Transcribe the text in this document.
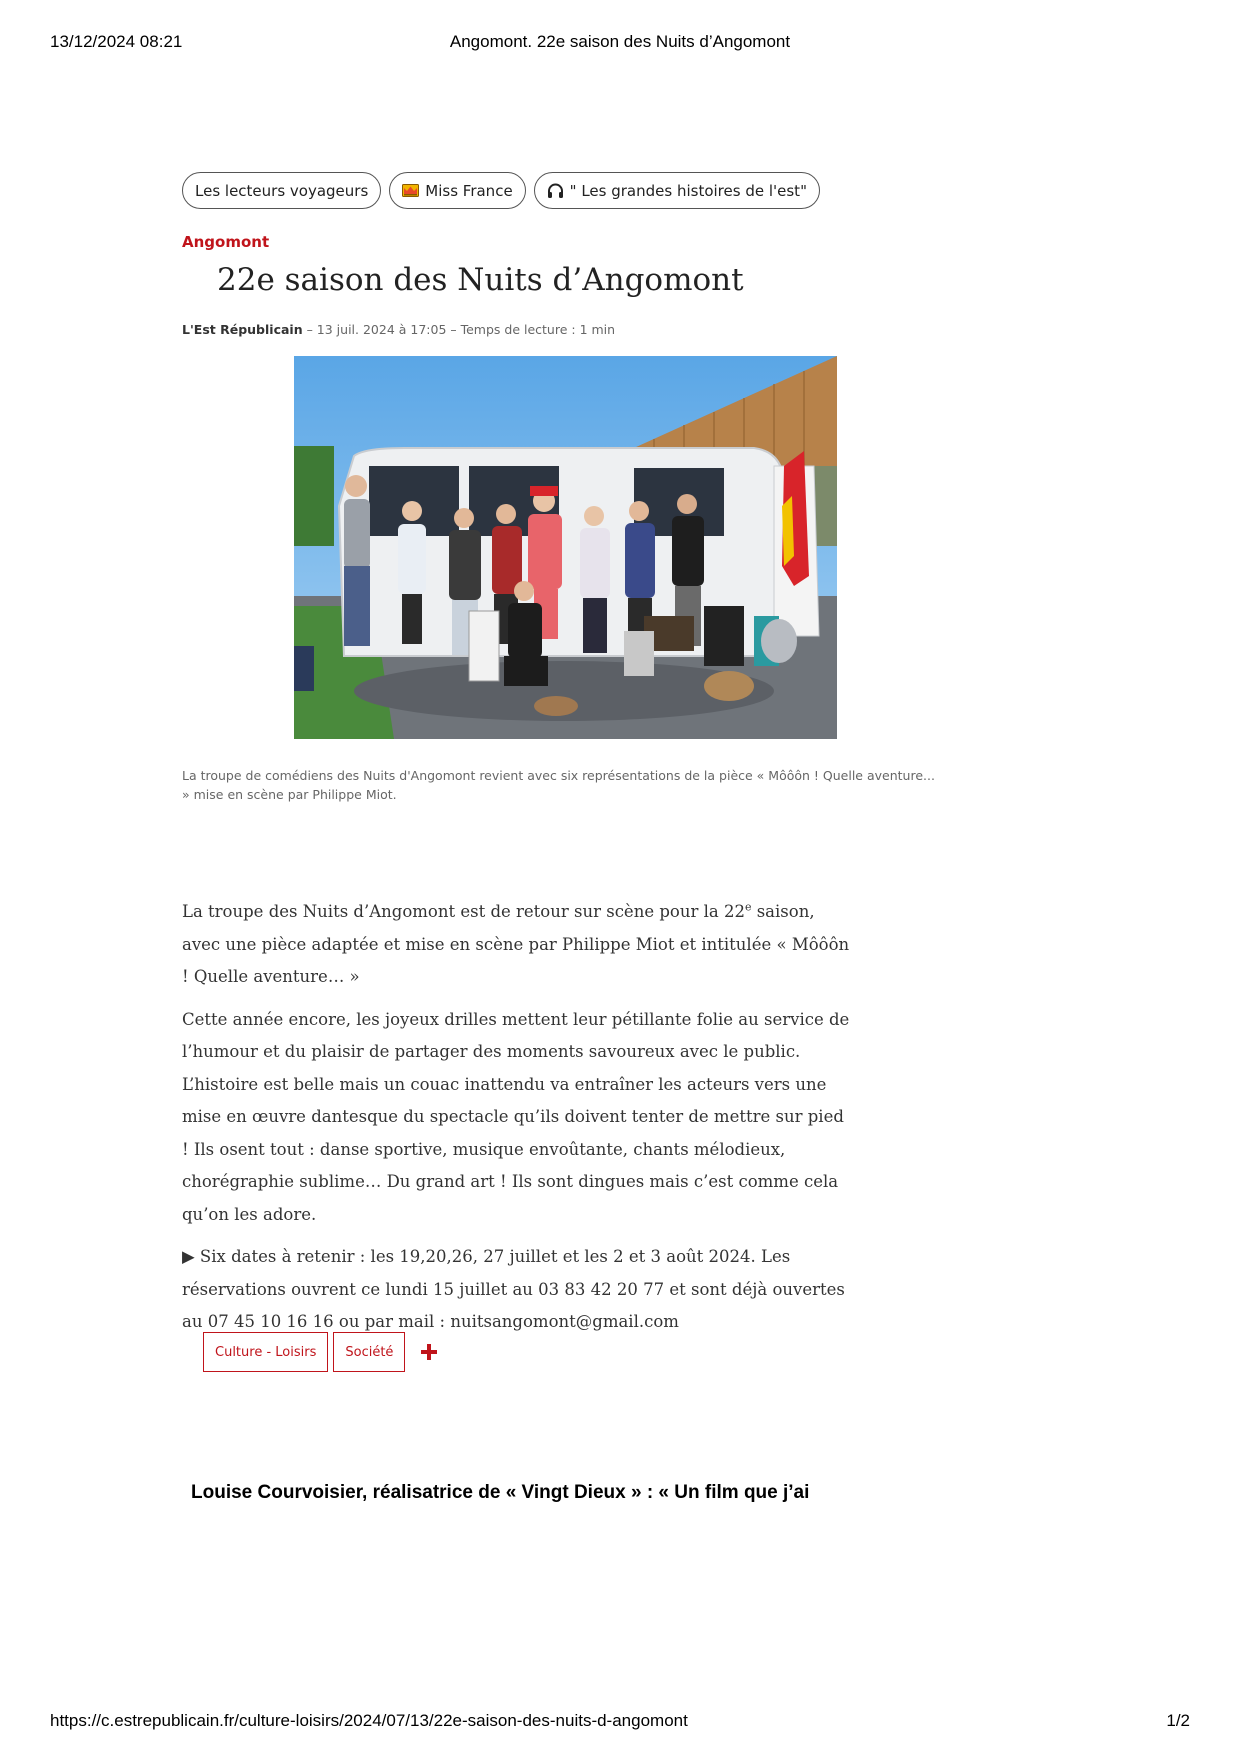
13/12/2024 08:21	Angomont. 22e saison des Nuits d’Angomont
Les lecteurs voyageurs	Miss France	" Les grandes histoires de l'est"
Angomont
22e saison des Nuits d’Angomont
L'Est Républicain – 13 juil. 2024 à 17:05 – Temps de lecture : 1 min
La troupe de comédiens des Nuits d'Angomont revient avec six représentations de la pièce « Môôôn ! Quelle aventure... » mise en scène par Philippe Miot.

La troupe des Nuits d’Angomont est de retour sur scène pour la 22e saison, avec une pièce adaptée et mise en scène par Philippe Miot et intitulée « Môôôn ! Quelle aventure… »

Cette année encore, les joyeux drilles mettent leur pétillante folie au service de l’humour et du plaisir de partager des moments savoureux avec le public. L’histoire est belle mais un couac inattendu va entraîner les acteurs vers une mise en œuvre dantesque du spectacle qu’ils doivent tenter de mettre sur pied ! Ils osent tout : danse sportive, musique envoûtante, chants mélodieux, chorégraphie sublime… Du grand art ! Ils sont dingues mais c’est comme cela qu’on les adore.

▶ Six dates à retenir : les 19,20,26, 27 juillet et les 2 et 3 août 2024. Les réservations ouvrent ce lundi 15 juillet au 03 83 42 20 77 et sont déjà ouvertes au 07 45 10 16 16 ou par mail : nuitsangomont@gmail.com

Culture - Loisirs	Société
Louise Courvoisier, réalisatrice de « Vingt Dieux » : « Un film que j’ai
https://c.estrepublicain.fr/culture-loisirs/2024/07/13/22e-saison-des-nuits-d-angomont	1/2
